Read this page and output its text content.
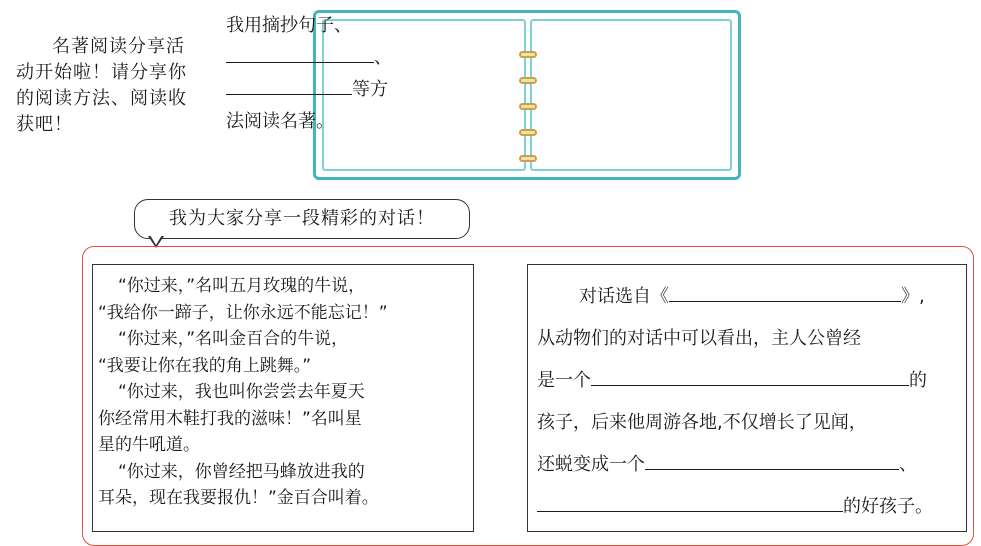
名著阅读分享活动开始啦！请分享你的阅读方法、阅读收获吧！

我用摘抄句子、
、
等方
法阅读名著。

我为大家分享一段精彩的对话！

“你过来，”名叫五月玫瑰的牛说，
“我给你一蹄子，让你永远不能忘记！”
“你过来，”名叫金百合的牛说，
“我要让你在我的角上跳舞。”
“你过来，我也叫你尝尝去年夏天
你经常用木鞋打我的滋味！”名叫星
星的牛吼道。
“你过来，你曾经把马蜂放进我的
耳朵，现在我要报仇！”金百合叫着。

对话选自《	》,
从动物们的对话中可以看出，主人公曾经
是一个	的
孩子，后来他周游各地,不仅增长了见闻，
还蜕变成一个	、
的好孩子。
